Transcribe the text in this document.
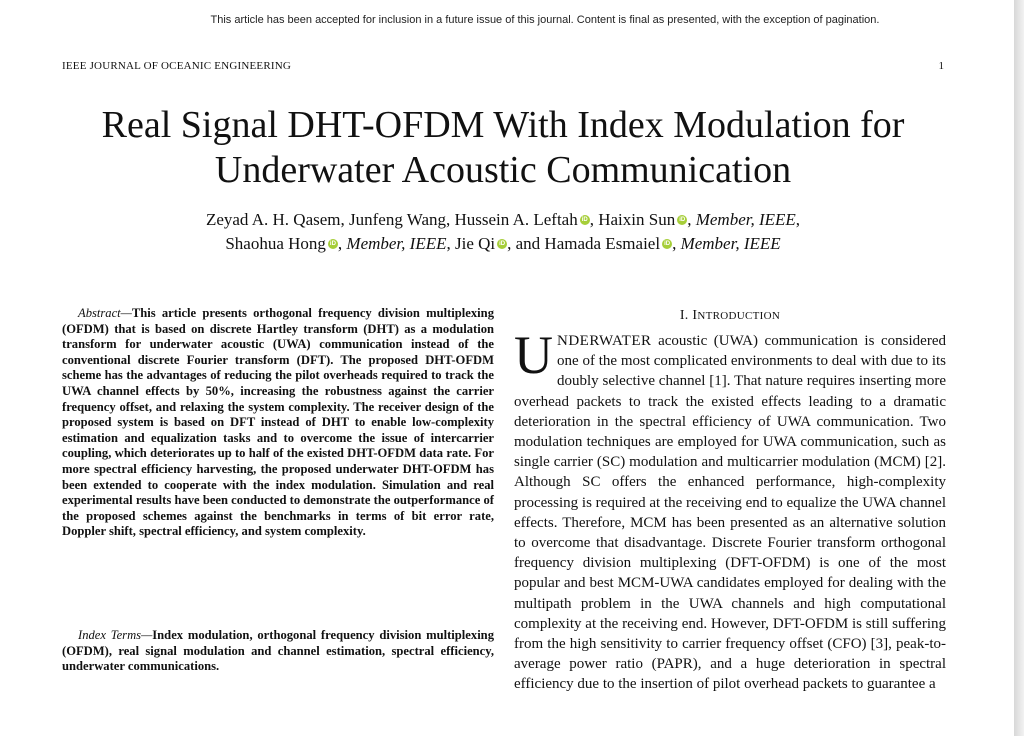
This article has been accepted for inclusion in a future issue of this journal. Content is final as presented, with the exception of pagination.
IEEE JOURNAL OF OCEANIC ENGINEERING	1
Real Signal DHT-OFDM With Index Modulation for
Underwater Acoustic Communication
Zeyad A. H. Qasem, Junfeng Wang, Hussein A. Leftah iD , Haixin Sun iD , Member, IEEE,
Shaohua Hong iD , Member, IEEE, Jie Qi iD , and Hamada Esmaiel iD , Member, IEEE

Abstract—This article presents orthogonal frequency division multiplexing (OFDM) that is based on discrete Hartley transform (DHT) as a modulation transform for underwater acoustic (UWA) communication instead of the conventional discrete Fourier transform (DFT). The proposed DHT-OFDM scheme has the advantages of reducing the pilot overheads required to track the UWA channel effects by 50%, increasing the robustness against the carrier frequency offset, and relaxing the system complexity. The receiver design of the proposed system is based on DFT instead of DHT to enable low-complexity estimation and equalization tasks and to overcome the issue of intercarrier coupling, which deteriorates up to half of the existed DHT-OFDM data rate. For more spectral efficiency harvesting, the proposed underwater DHT-OFDM has been extended to cooperate with the index modulation. Simulation and real experimental results have been conducted to demonstrate the outperformance of the proposed schemes against the benchmarks in terms of bit error rate, Doppler shift, spectral efficiency, and system complexity.

Index Terms—Index modulation, orthogonal frequency division multiplexing (OFDM), real signal modulation and channel estimation, spectral efficiency, underwater communications.

I. INTRODUCTION

UNDERWATER acoustic (UWA) communication is considered one of the most complicated environments to deal with due to its doubly selective channel [1]. That nature requires inserting more overhead packets to track the existed effects leading to a dramatic deterioration in the spectral efficiency of UWA communication. Two modulation techniques are employed for UWA communication, such as single carrier (SC) modulation and multicarrier modulation (MCM) [2]. Although SC offers the enhanced performance, high-complexity processing is required at the receiving end to equalize the UWA channel effects. Therefore, MCM has been presented as an alternative solution to overcome that disadvantage. Discrete Fourier transform orthogonal frequency division multiplexing (DFT-OFDM) is one of the most popular and best MCM-UWA candidates employed for dealing with the multipath problem in the UWA channels and high computational complexity at the receiving end. However, DFT-OFDM is still suffering from the high sensitivity to carrier frequency offset (CFO) [3], peak-to-average power ratio (PAPR), and a huge deterioration in spectral efficiency due to the insertion of pilot overhead packets to guarantee a
